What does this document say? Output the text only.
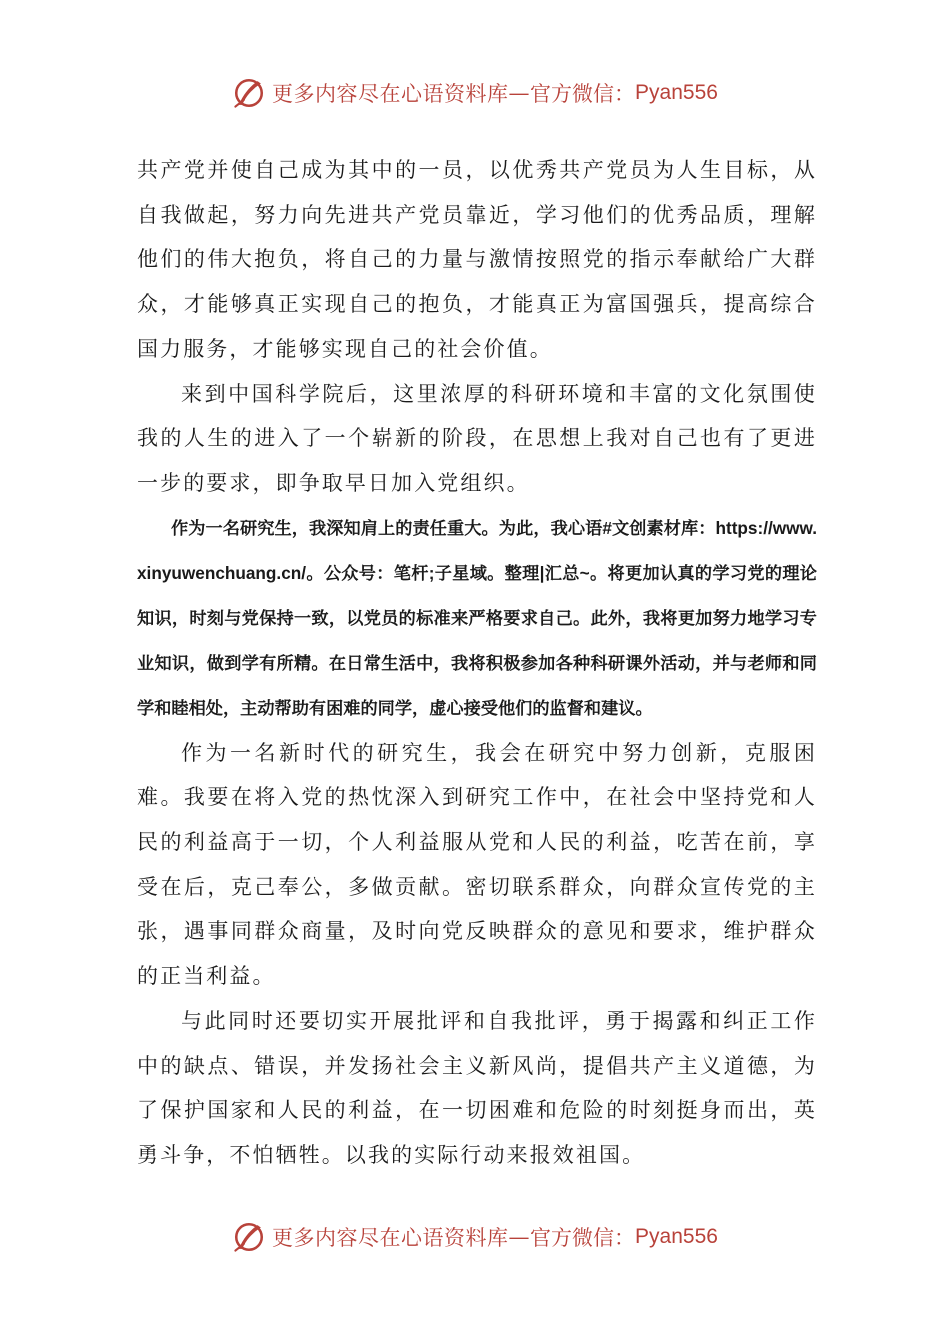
更多内容尽在心语资料库 — 官方微信： Pyan556

共产党并使自己成为其中的一员，以优秀共产党员为人生目标，从自我做起，努力向先进共产党员靠近，学习他们的优秀品质，理解他们的伟大抱负，将自己的力量与激情按照党的指示奉献给广大群众，才能够真正实现自己的抱负，才能真正为富国强兵，提高综合国力服务，才能够实现自己的社会价值。

来到中国科学院后，这里浓厚的科研环境和丰富的文化氛围使我的人生的进入了一个崭新的阶段，在思想上我对自己也有了更进一步的要求，即争取早日加入党组织。

作为一名研究生，我深知肩上的责任重大。为此，我心语#文创素材库：https://www.xinyuwenchuang.cn/。公众号：笔杆;子星域。整理|汇总~。将更加认真的学习党的理论知识，时刻与党保持一致，以党员的标准来严格要求自己。此外，我将更加努力地学习专业知识，做到学有所精。在日常生活中，我将积极参加各种科研课外活动，并与老师和同学和睦相处，主动帮助有困难的同学，虚心接受他们的监督和建议。

作为一名新时代的研究生，我会在研究中努力创新，克服困难。我要在将入党的热忱深入到研究工作中，在社会中坚持党和人民的利益高于一切，个人利益服从党和人民的利益，吃苦在前，享受在后，克己奉公，多做贡献。密切联系群众，向群众宣传党的主张，遇事同群众商量，及时向党反映群众的意见和要求，维护群众的正当利益。

与此同时还要切实开展批评和自我批评，勇于揭露和纠正工作中的缺点、错误，并发扬社会主义新风尚，提倡共产主义道德，为了保护国家和人民的利益，在一切困难和危险的时刻挺身而出，英勇斗争，不怕牺牲。以我的实际行动来报效祖国。

更多内容尽在心语资料库 — 官方微信： Pyan556
